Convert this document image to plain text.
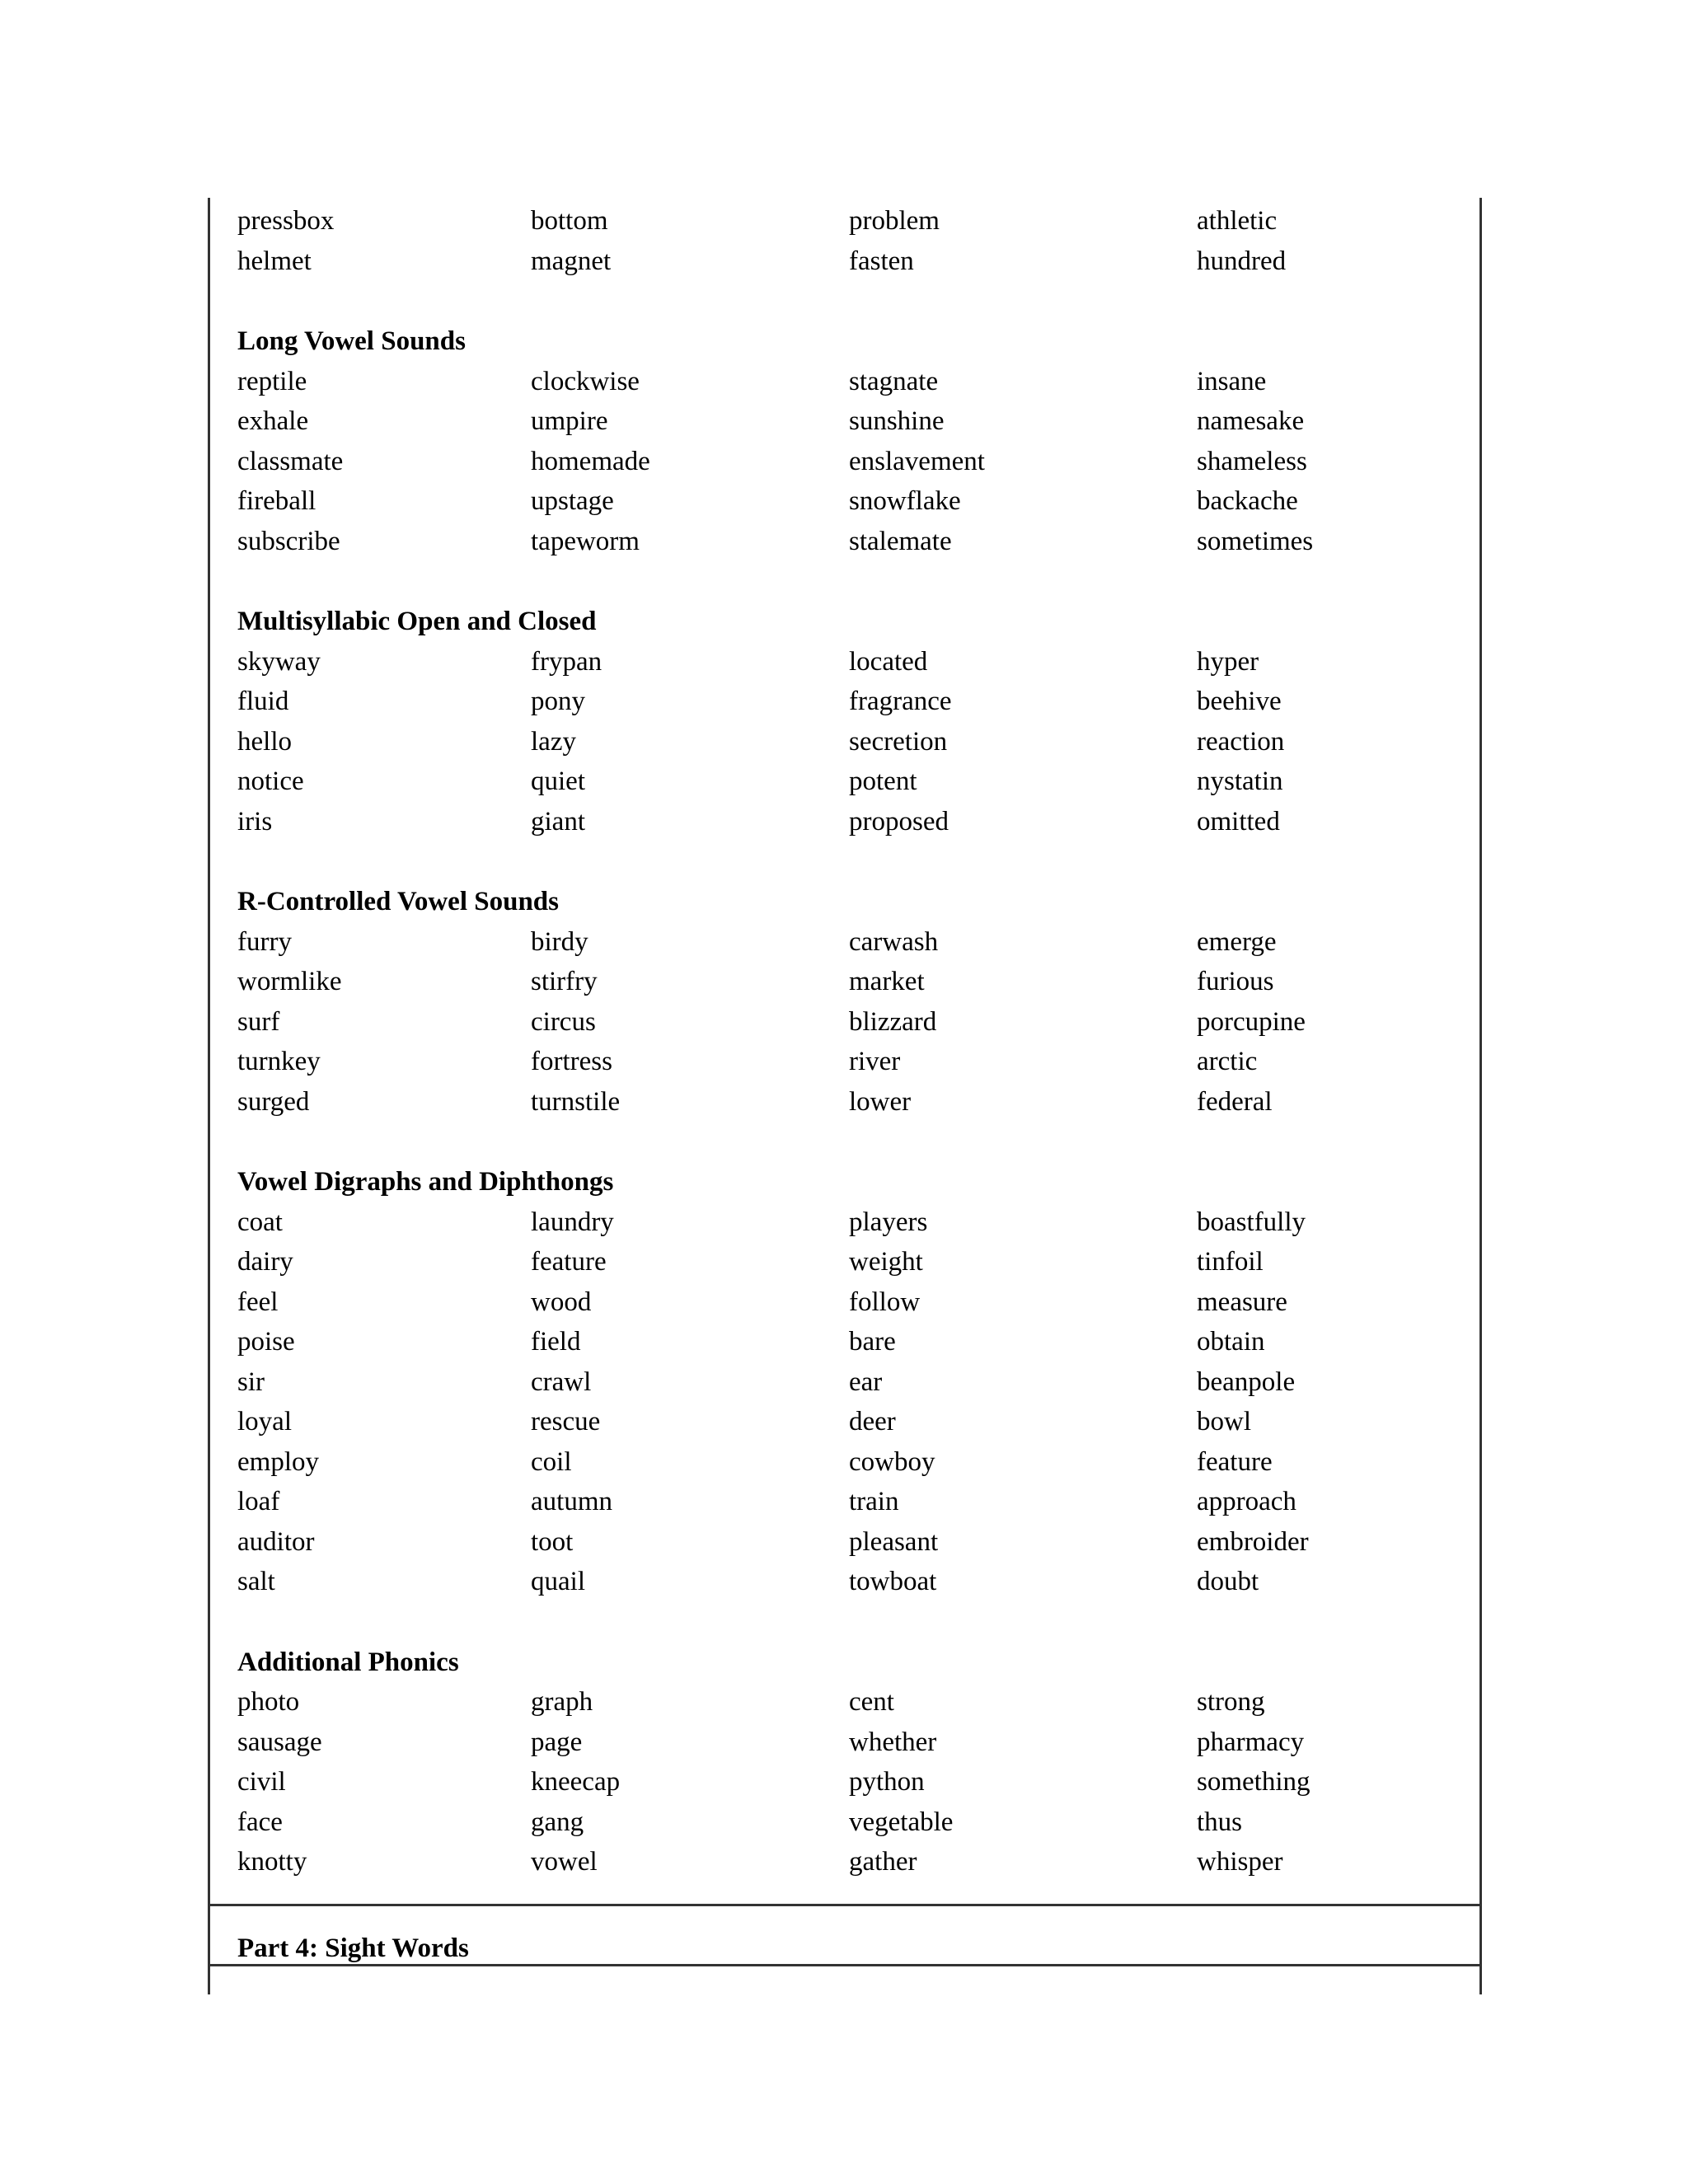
pressbox	bottom	problem	athletic
helmet	magnet	fasten	hundred
Long Vowel Sounds
reptile	clockwise	stagnate	insane
exhale	umpire	sunshine	namesake
classmate	homemade	enslavement	shameless
fireball	upstage	snowflake	backache
subscribe	tapeworm	stalemate	sometimes
Multisyllabic Open and Closed
skyway	frypan	located	hyper
fluid	pony	fragrance	beehive
hello	lazy	secretion	reaction
notice	quiet	potent	nystatin
iris	giant	proposed	omitted
R-Controlled Vowel Sounds
furry	birdy	carwash	emerge
wormlike	stirfry	market	furious
surf	circus	blizzard	porcupine
turnkey	fortress	river	arctic
surged	turnstile	lower	federal
Vowel Digraphs and Diphthongs
coat	laundry	players	boastfully
dairy	feature	weight	tinfoil
feel	wood	follow	measure
poise	field	bare	obtain
sir	crawl	ear	beanpole
loyal	rescue	deer	bowl
employ	coil	cowboy	feature
loaf	autumn	train	approach
auditor	toot	pleasant	embroider
salt	quail	towboat	doubt
Additional Phonics
photo	graph	cent	strong
sausage	page	whether	pharmacy
civil	kneecap	python	something
face	gang	vegetable	thus
knotty	vowel	gather	whisper
Part 4: Sight Words
